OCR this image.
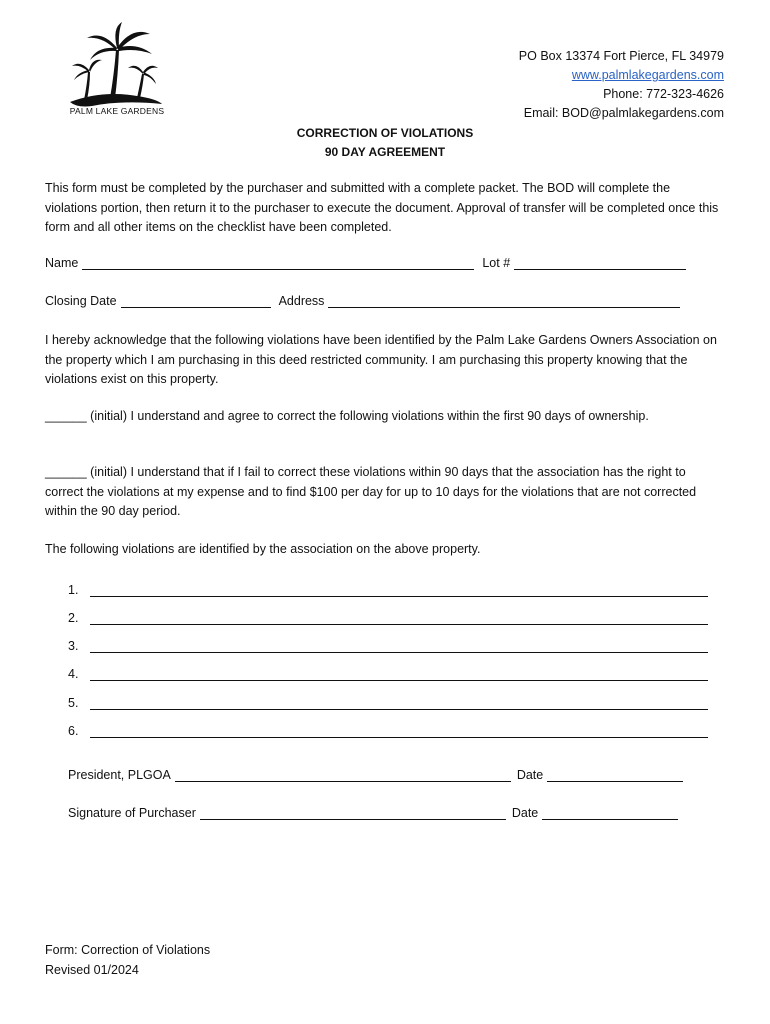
PALM LAKE GARDENS
PO Box 13374 Fort Pierce, FL 34979
www.palmlakegardens.com
Phone: 772-323-4626
Email: BOD@palmlakegardens.com
CORRECTION OF VIOLATIONS
90 DAY AGREEMENT
This form must be completed by the purchaser and submitted with a complete packet. The BOD will complete the violations portion, then return it to the purchaser to execute the document. Approval of transfer will be completed once this form and all other items on the checklist have been completed.
Name	Lot #
Closing Date	Address
I hereby acknowledge that the following violations have been identified by the Palm Lake Gardens Owners Association on the property which I am purchasing in this deed restricted community. I am purchasing this property knowing that the violations exist on this property.
______ (initial) I understand and agree to correct the following violations within the first 90 days of ownership.
______ (initial) I understand that if I fail to correct these violations within 90 days that the association has the right to correct the violations at my expense and to find $100 per day for up to 10 days for the violations that are not corrected within the 90 day period.
The following violations are identified by the association on the above property.
1.
2.
3.
4.
5.
6.
President, PLGOA	Date
Signature of Purchaser	Date
Form: Correction of Violations
Revised 01/2024
